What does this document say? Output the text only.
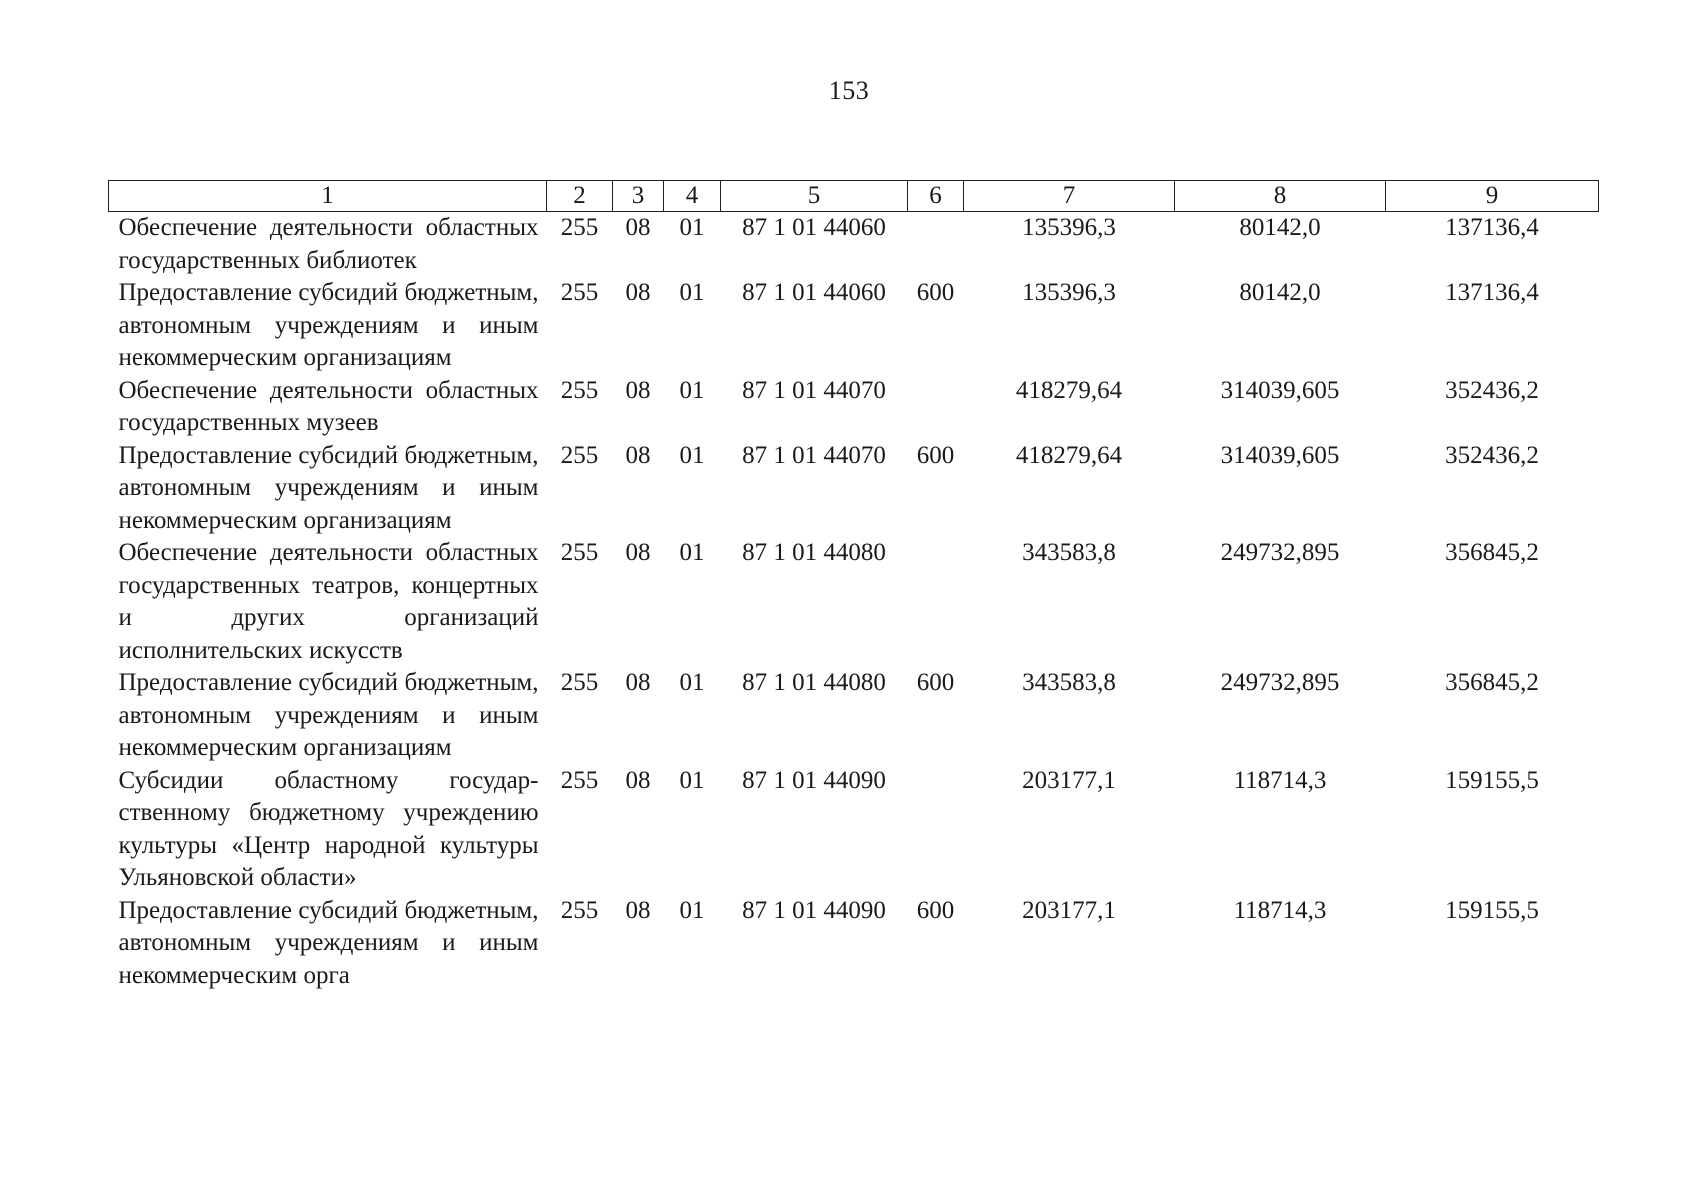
153
1	2	3	4	5	6	7	8	9
Обеспечение деятельности областных государственных библиотек	255	08	01	87 1 01 44060		135396,3	80142,0	137136,4
Предоставление субсидий бюджетным, автономным учреждениям и иным некоммерческим организациям	255	08	01	87 1 01 44060	600	135396,3	80142,0	137136,4
Обеспечение деятельности областных государственных музеев	255	08	01	87 1 01 44070		418279,64	314039,605	352436,2
Предоставление субсидий бюджетным, автономным учреждениям и иным некоммерческим организациям	255	08	01	87 1 01 44070	600	418279,64	314039,605	352436,2
Обеспечение деятельности областных государственных театров, концертных и других организаций исполнительских искусств	255	08	01	87 1 01 44080		343583,8	249732,895	356845,2
Предоставление субсидий бюджетным, автономным учреждениям и иным некоммерческим организациям	255	08	01	87 1 01 44080	600	343583,8	249732,895	356845,2
Субсидии областному государственному бюджетному учреждению культуры «Центр народной культуры Ульяновской области»	255	08	01	87 1 01 44090		203177,1	118714,3	159155,5
Предоставление субсидий бюджетным, автономным учреждениям и иным некоммерческим орга	255	08	01	87 1 01 44090	600	203177,1	118714,3	159155,5
